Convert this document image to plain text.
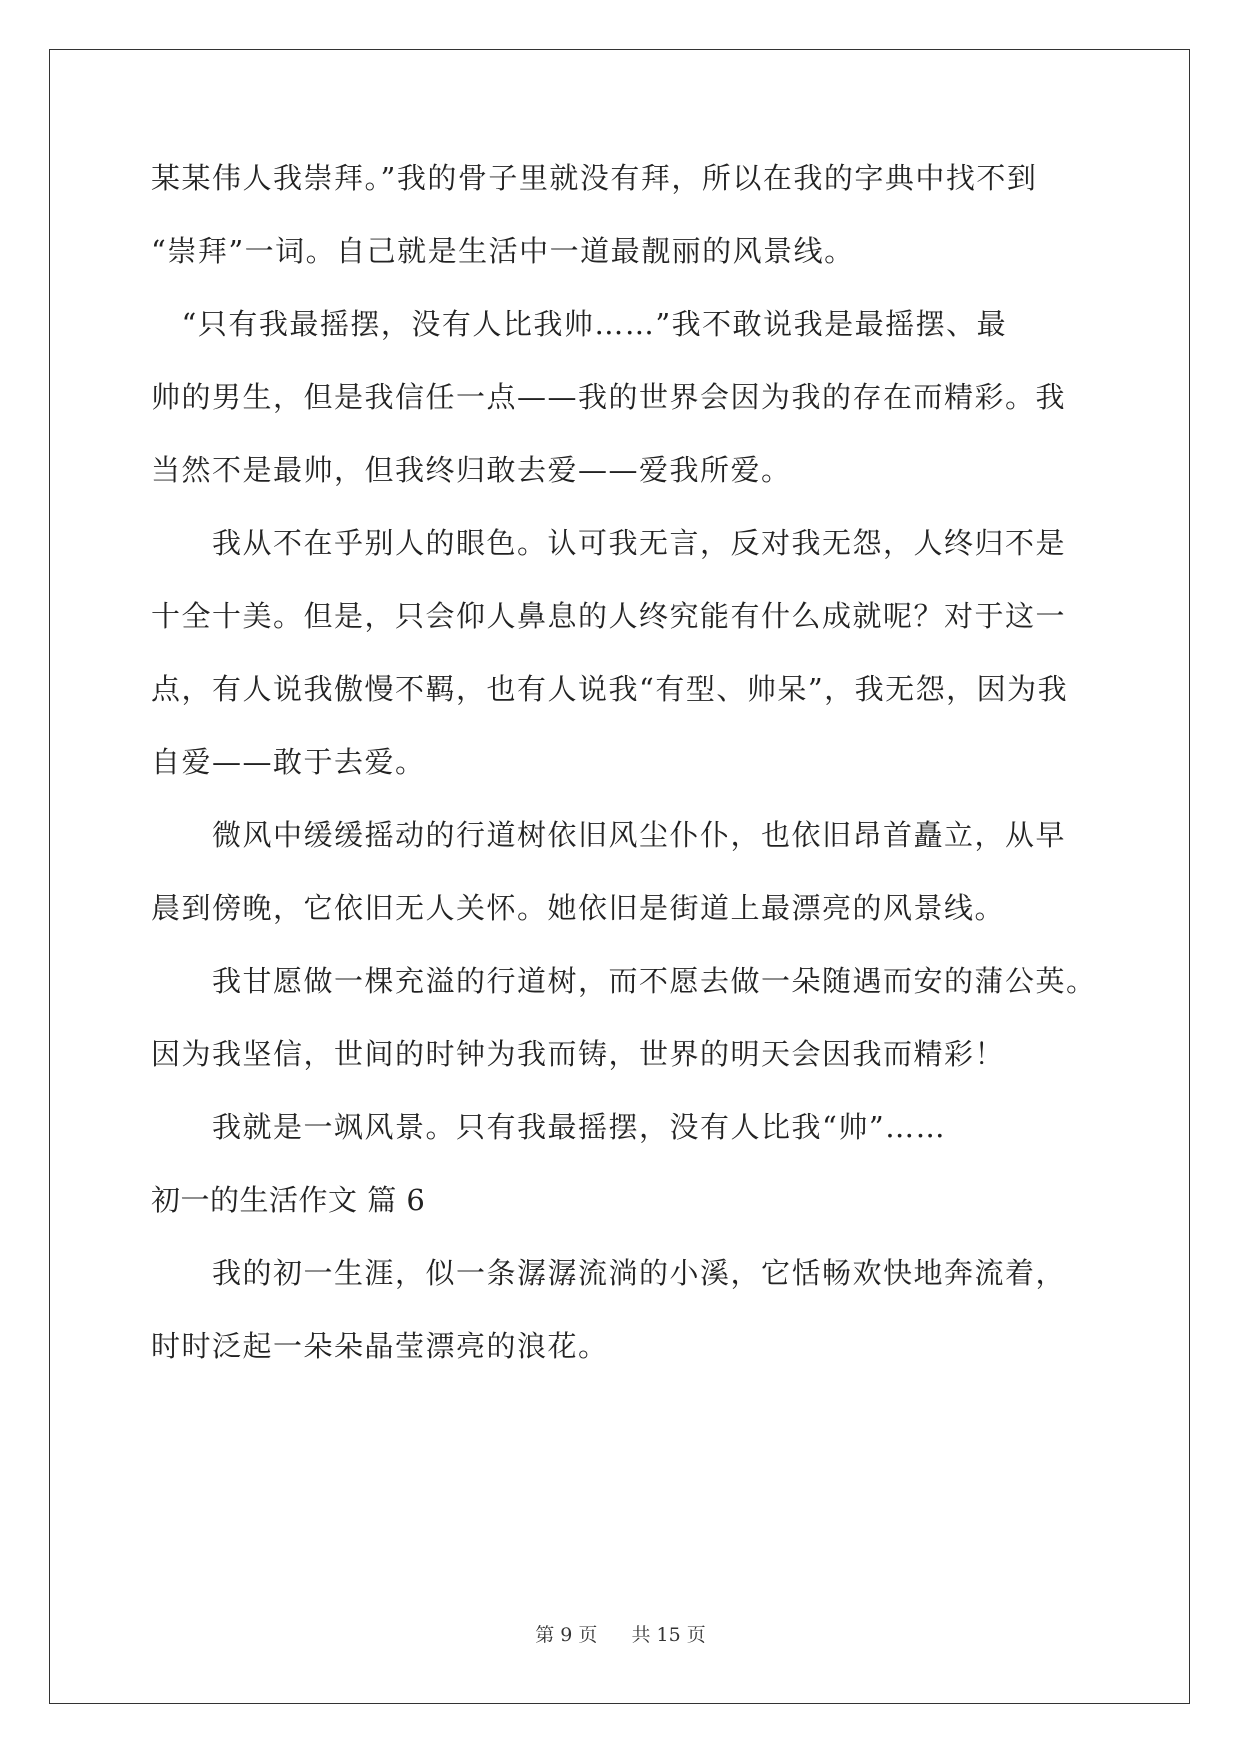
某某伟人我崇拜。”我的骨子里就没有拜，所以在我的字典中找不到
“崇拜”一词。自己就是生活中一道最靓丽的风景线。
　“只有我最摇摆，没有人比我帅……”我不敢说我是最摇摆、最
帅的男生，但是我信任一点——我的世界会因为我的存在而精彩。我
当然不是最帅，但我终归敢去爱——爱我所爱。
　　我从不在乎别人的眼色。认可我无言，反对我无怨，人终归不是
十全十美。但是，只会仰人鼻息的人终究能有什么成就呢？对于这一
点，有人说我傲慢不羁，也有人说我“有型、帅呆”，我无怨，因为我
自爱——敢于去爱。
　　微风中缓缓摇动的行道树依旧风尘仆仆，也依旧昂首矗立，从早
晨到傍晚，它依旧无人关怀。她依旧是街道上最漂亮的风景线。
　　我甘愿做一棵充溢的行道树，而不愿去做一朵随遇而安的蒲公英。
因为我坚信，世间的时钟为我而铸，世界的明天会因我而精彩！
　　我就是一飒风景。只有我最摇摆，没有人比我“帅”……
初一的生活作文 篇 6
　　我的初一生涯，似一条潺潺流淌的小溪，它恬畅欢快地奔流着，
时时泛起一朵朵晶莹漂亮的浪花。
第 9 页 共 15 页
